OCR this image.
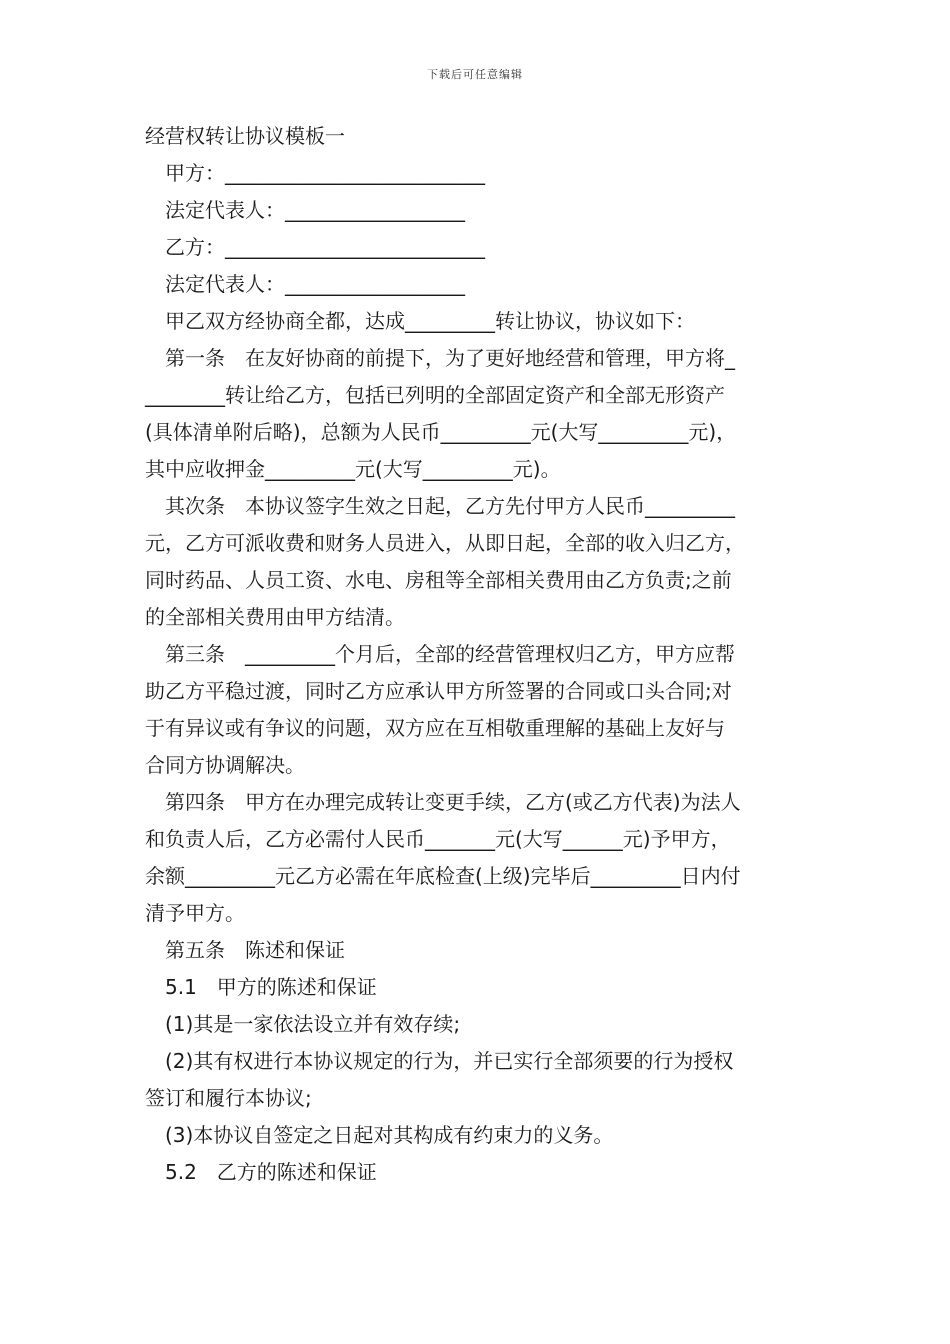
下载后可任意编辑
经营权转让协议模板一
甲方：__________________________
法定代表人：__________________
乙方：__________________________
法定代表人：__________________
甲乙双方经协商全都，达成_________转让协议，协议如下：
第一条　在友好协商的前提下，为了更好地经营和管理，甲方将_
________转让给乙方，包括已列明的全部固定资产和全部无形资产
(具体清单附后略)，总额为人民币_________元(大写_________元)，
其中应收押金_________元(大写_________元)。
其次条　本协议签字生效之日起，乙方先付甲方人民币_________
元，乙方可派收费和财务人员进入，从即日起，全部的收入归乙方，
同时药品、人员工资、水电、房租等全部相关费用由乙方负责;之前
的全部相关费用由甲方结清。
第三条　_________个月后，全部的经营管理权归乙方，甲方应帮
助乙方平稳过渡，同时乙方应承认甲方所签署的合同或口头合同;对
于有异议或有争议的问题，双方应在互相敬重理解的基础上友好与
合同方协调解决。
第四条　甲方在办理完成转让变更手续，乙方(或乙方代表)为法人
和负责人后，乙方必需付人民币_______元(大写______元)予甲方，
余额_________元乙方必需在年底检查(上级)完毕后_________日内付
清予甲方。
第五条　陈述和保证
5.1　甲方的陈述和保证
(1)其是一家依法设立并有效存续;
(2)其有权进行本协议规定的行为，并已实行全部须要的行为授权
签订和履行本协议;
(3)本协议自签定之日起对其构成有约束力的义务。
5.2　乙方的陈述和保证
